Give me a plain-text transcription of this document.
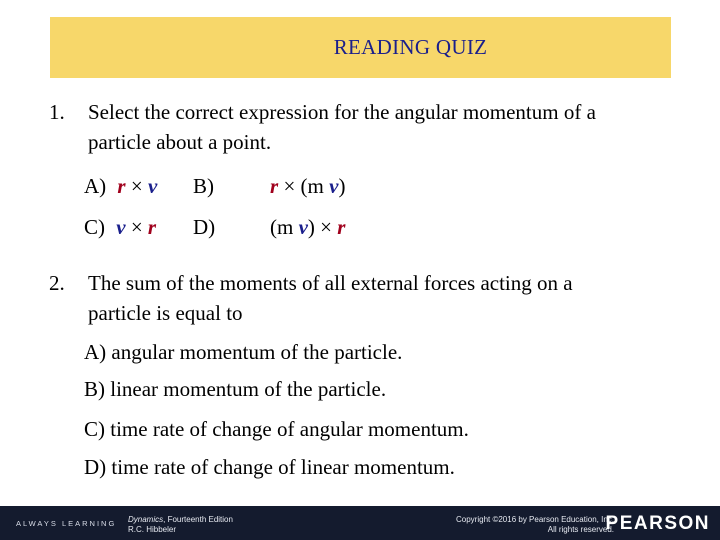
READING QUIZ
1. Select the correct expression for the angular momentum of a
particle about a point.
A) r × v B)	r × (m v)
C) v × r D)	(m v) × r
2. The sum of the moments of all external forces acting on a
particle is equal to
A) angular momentum of the particle.
B) linear momentum of the particle.
C) time rate of change of angular momentum.
D) time rate of change of linear momentum.
ALWAYS LEARNING Dynamics, Fourteenth Edition
R.C. Hibbeler
Copyright ©2016 by Pearson Education, Inc.
All rights reserved.
PEARSON
